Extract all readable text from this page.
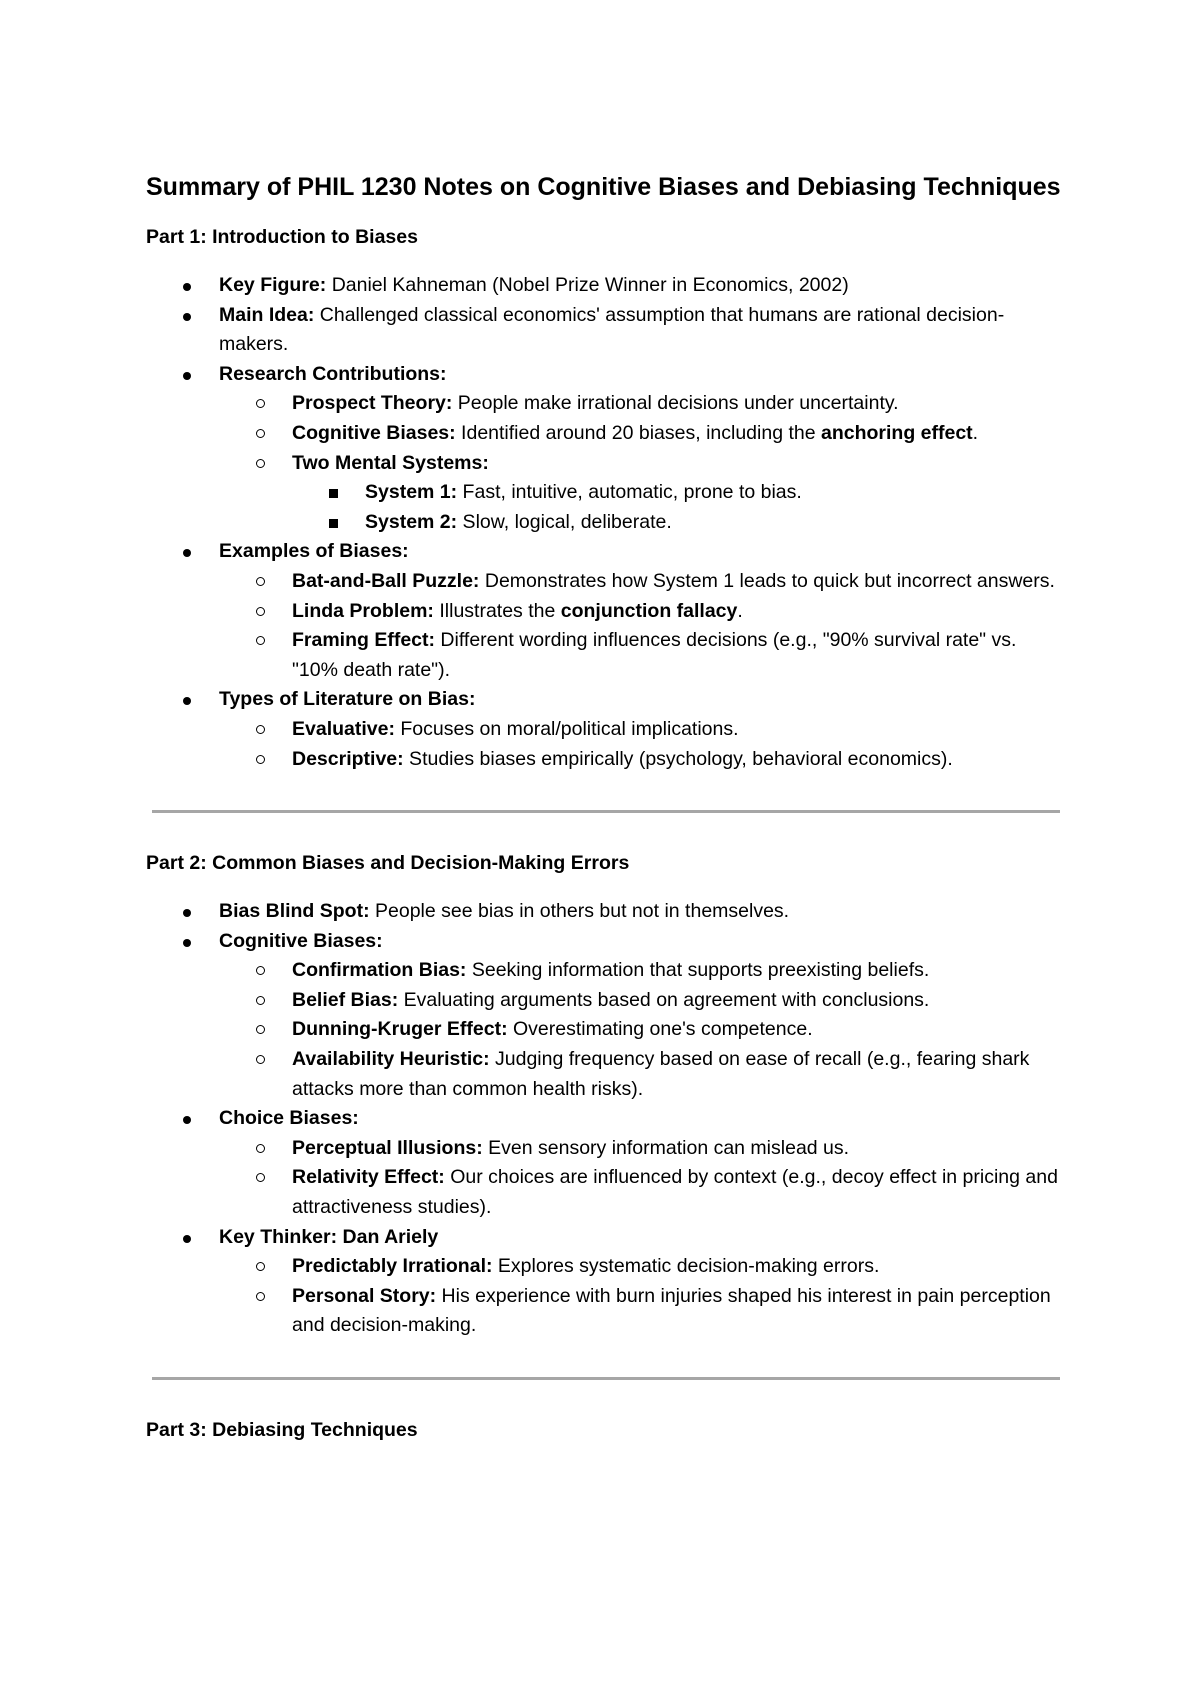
Summary of PHIL 1230 Notes on Cognitive Biases and Debiasing Techniques
Part 1: Introduction to Biases
Key Figure: Daniel Kahneman (Nobel Prize Winner in Economics, 2002)
Main Idea: Challenged classical economics' assumption that humans are rational decision-makers.
Research Contributions:
Prospect Theory: People make irrational decisions under uncertainty.
Cognitive Biases: Identified around 20 biases, including the anchoring effect.
Two Mental Systems:
System 1: Fast, intuitive, automatic, prone to bias.
System 2: Slow, logical, deliberate.
Examples of Biases:
Bat-and-Ball Puzzle: Demonstrates how System 1 leads to quick but incorrect answers.
Linda Problem: Illustrates the conjunction fallacy.
Framing Effect: Different wording influences decisions (e.g., "90% survival rate" vs. "10% death rate").
Types of Literature on Bias:
Evaluative: Focuses on moral/political implications.
Descriptive: Studies biases empirically (psychology, behavioral economics).
Part 2: Common Biases and Decision-Making Errors
Bias Blind Spot: People see bias in others but not in themselves.
Cognitive Biases:
Confirmation Bias: Seeking information that supports preexisting beliefs.
Belief Bias: Evaluating arguments based on agreement with conclusions.
Dunning-Kruger Effect: Overestimating one's competence.
Availability Heuristic: Judging frequency based on ease of recall (e.g., fearing shark attacks more than common health risks).
Choice Biases:
Perceptual Illusions: Even sensory information can mislead us.
Relativity Effect: Our choices are influenced by context (e.g., decoy effect in pricing and attractiveness studies).
Key Thinker: Dan Ariely
Predictably Irrational: Explores systematic decision-making errors.
Personal Story: His experience with burn injuries shaped his interest in pain perception and decision-making.
Part 3: Debiasing Techniques
